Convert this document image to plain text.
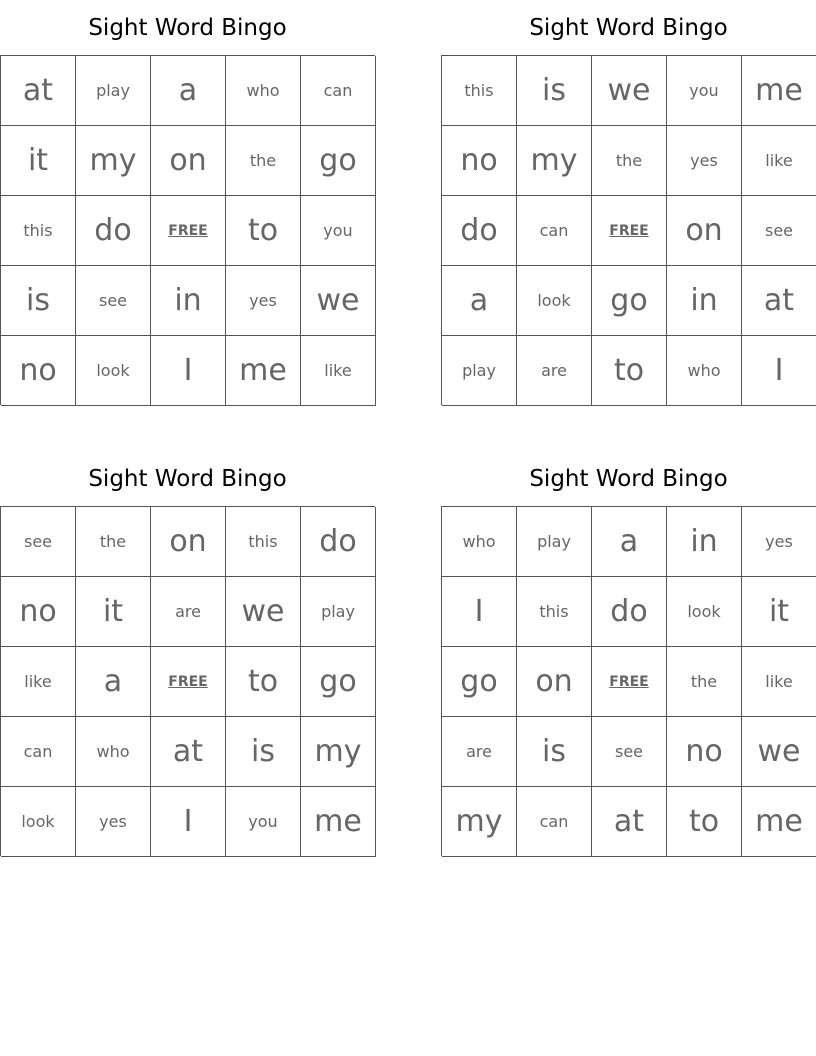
Sight Word Bingo
at	play	a	who	can
it	my	on	the	go
this	do	FREE	to	you
is	see	in	yes	we
no	look	I	me	like
Sight Word Bingo
this	is	we	you	me
no	my	the	yes	like
do	can	FREE	on	see
a	look	go	in	at
play	are	to	who	I
Sight Word Bingo
see	the	on	this	do
no	it	are	we	play
like	a	FREE	to	go
can	who	at	is	my
look	yes	I	you	me
Sight Word Bingo
who	play	a	in	yes
I	this	do	look	it
go	on	FREE	the	like
are	is	see	no	we
my	can	at	to	me
